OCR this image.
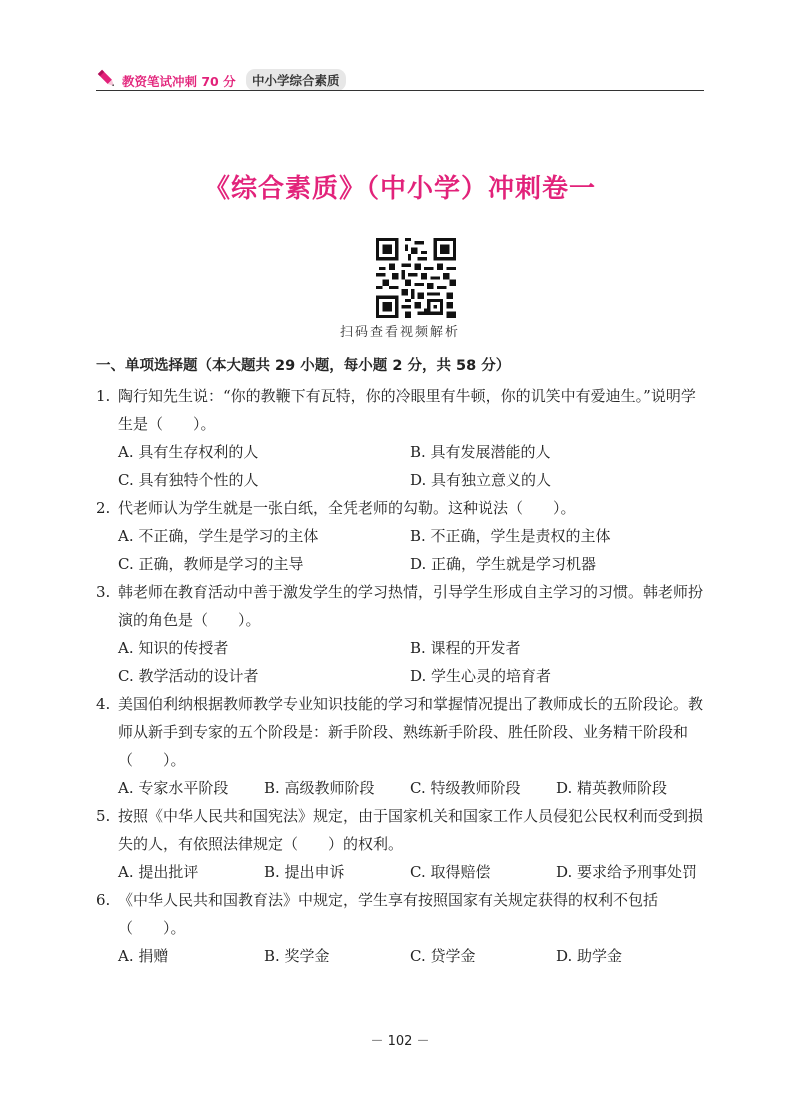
教资笔试冲刺 70 分	中小学综合素质
《综合素质》（中小学）冲刺卷一
扫码查看视频解析
一、单项选择题（本大题共 29 小题，每小题 2 分，共 58 分）
1. 陶行知先生说：“你的教鞭下有瓦特，你的冷眼里有牛顿，你的讥笑中有爱迪生。”说明学生是（　　）。
A. 具有生存权利的人	B. 具有发展潜能的人
C. 具有独特个性的人	D. 具有独立意义的人
2. 代老师认为学生就是一张白纸，全凭老师的勾勒。这种说法（　　）。
A. 不正确，学生是学习的主体	B. 不正确，学生是责权的主体
C. 正确，教师是学习的主导	D. 正确，学生就是学习机器
3. 韩老师在教育活动中善于激发学生的学习热情，引导学生形成自主学习的习惯。韩老师扮演的角色是（　　）。
A. 知识的传授者	B. 课程的开发者
C. 教学活动的设计者	D. 学生心灵的培育者
4. 美国伯利纳根据教师教学专业知识技能的学习和掌握情况提出了教师成长的五阶段论。教师从新手到专家的五个阶段是：新手阶段、熟练新手阶段、胜任阶段、业务精干阶段和（　　）。
A. 专家水平阶段	B. 高级教师阶段	C. 特级教师阶段	D. 精英教师阶段
5. 按照《中华人民共和国宪法》规定，由于国家机关和国家工作人员侵犯公民权利而受到损失的人，有依照法律规定（　　）的权利。
A. 提出批评	B. 提出申诉	C. 取得赔偿	D. 要求给予刑事处罚
6. 《中华人民共和国教育法》中规定，学生享有按照国家有关规定获得的权利不包括（　　）。
A. 捐赠	B. 奖学金	C. 贷学金	D. 助学金
－ 102 －
